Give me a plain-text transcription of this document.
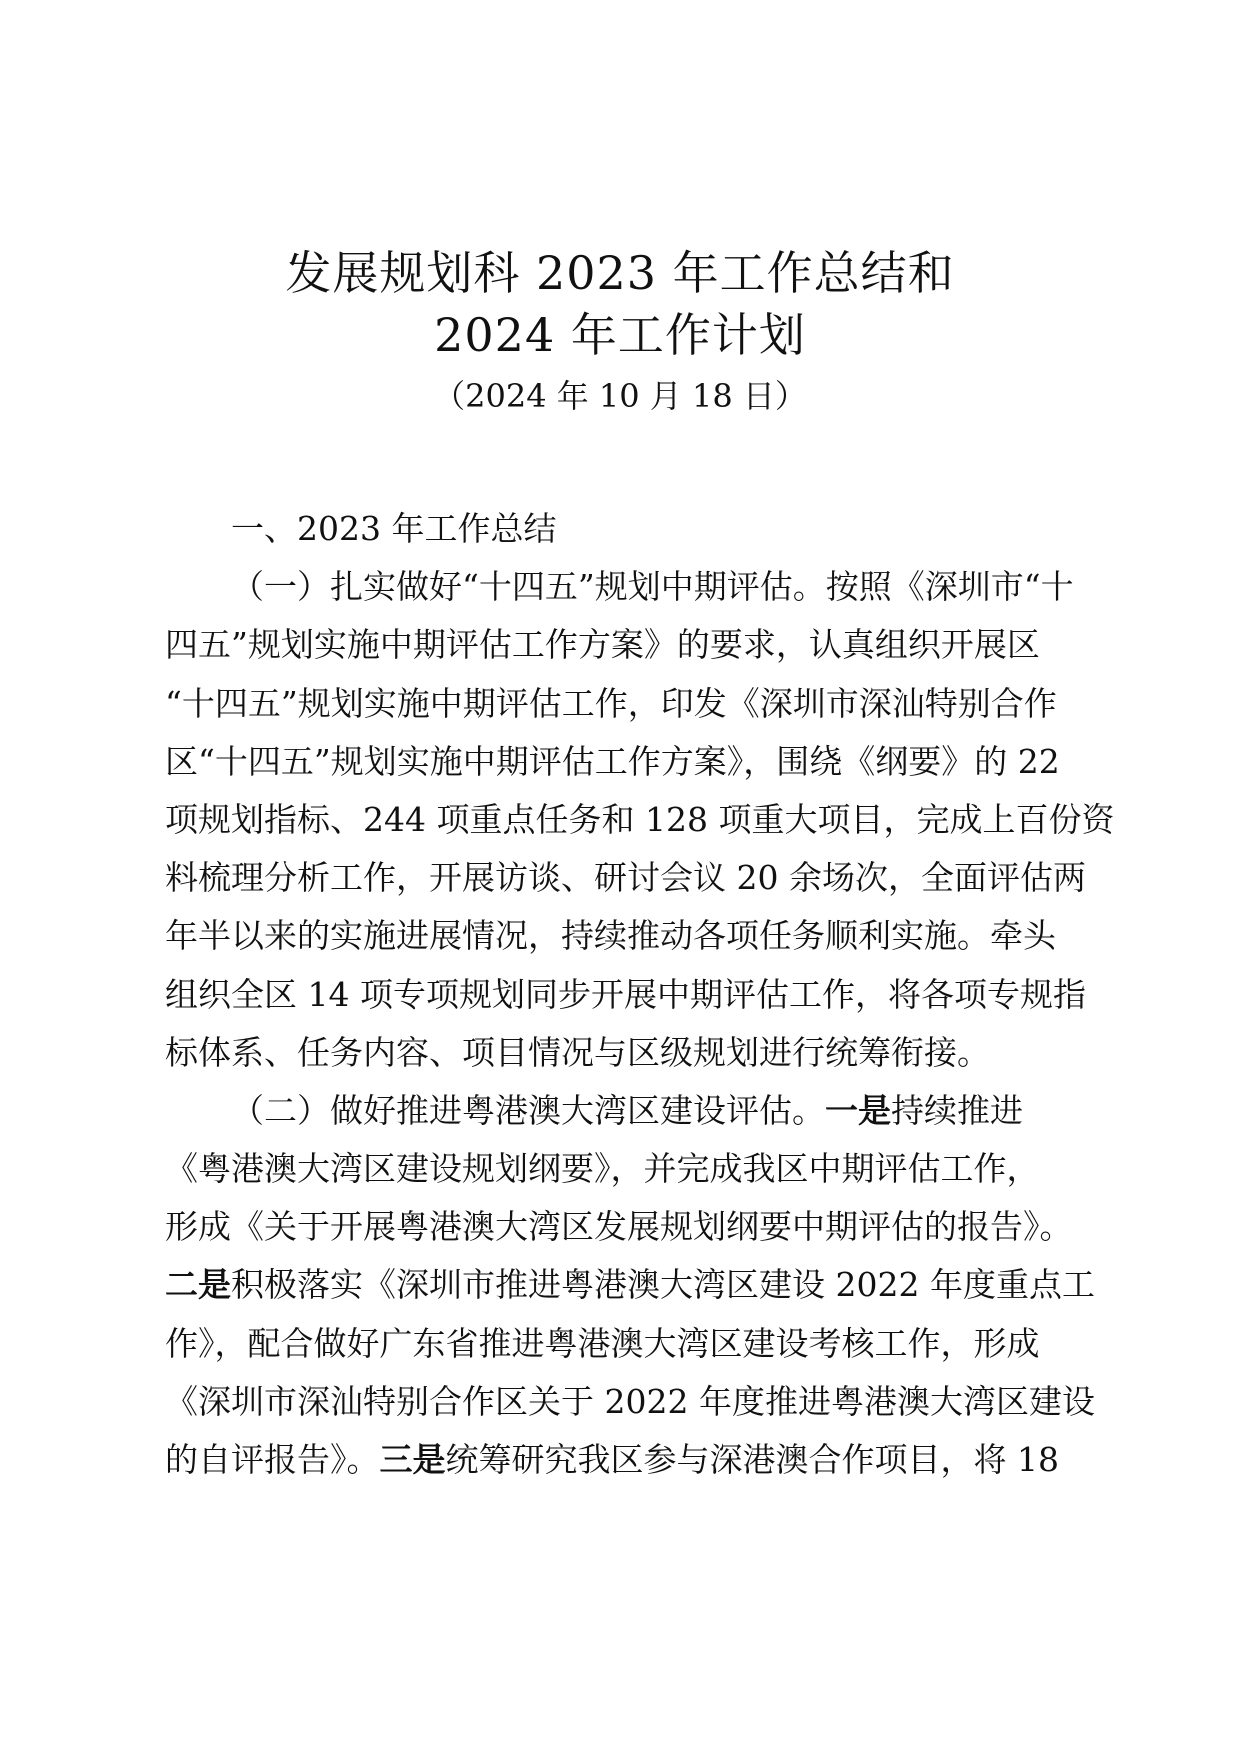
发展规划科 2023 年工作总结和
2024 年工作计划
（2024 年 10 月 18 日）
一、2023 年工作总结
（一）扎实做好“十四五”规划中期评估。按照《深圳市“十
四五”规划实施中期评估工作方案》的要求，认真组织开展区
“十四五”规划实施中期评估工作，印发《深圳市深汕特别合作
区“十四五”规划实施中期评估工作方案》，围绕《纲要》的 22
项规划指标、244 项重点任务和 128 项重大项目，完成上百份资
料梳理分析工作，开展访谈、研讨会议 20 余场次，全面评估两
年半以来的实施进展情况，持续推动各项任务顺利实施。牵头
组织全区 14 项专项规划同步开展中期评估工作，将各项专规指
标体系、任务内容、项目情况与区级规划进行统筹衔接。
（二）做好推进粤港澳大湾区建设评估。一是持续推进
《粤港澳大湾区建设规划纲要》，并完成我区中期评估工作，
形成《关于开展粤港澳大湾区发展规划纲要中期评估的报告》。
二是积极落实《深圳市推进粤港澳大湾区建设 2022 年度重点工
作》，配合做好广东省推进粤港澳大湾区建设考核工作，形成
《深圳市深汕特别合作区关于 2022 年度推进粤港澳大湾区建设
的自评报告》。三是统筹研究我区参与深港澳合作项目，将 18
